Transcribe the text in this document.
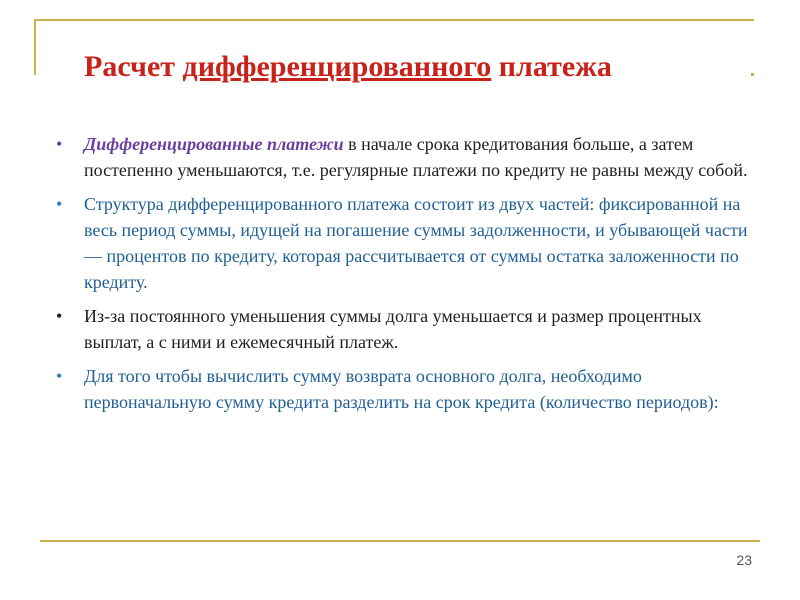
Расчет дифференцированного платежа
•	Дифференцированные платежи в начале срока кредитования больше, а затем постепенно уменьшаются, т.е. регулярные платежи по кредиту не равны между собой.
•	Структура дифференцированного платежа состоит из двух частей: фиксированной на весь период суммы, идущей на погашение суммы задолженности, и убывающей части — процентов по кредиту, которая рассчитывается от суммы остатка заложенности по кредиту.
•	Из-за постоянного уменьшения суммы долга уменьшается и размер процентных выплат, а с ними и ежемесячный платеж.
•	Для того чтобы вычислить сумму возврата основного долга, необходимо первоначальную сумму кредита разделить на срок кредита (количество периодов):
23
